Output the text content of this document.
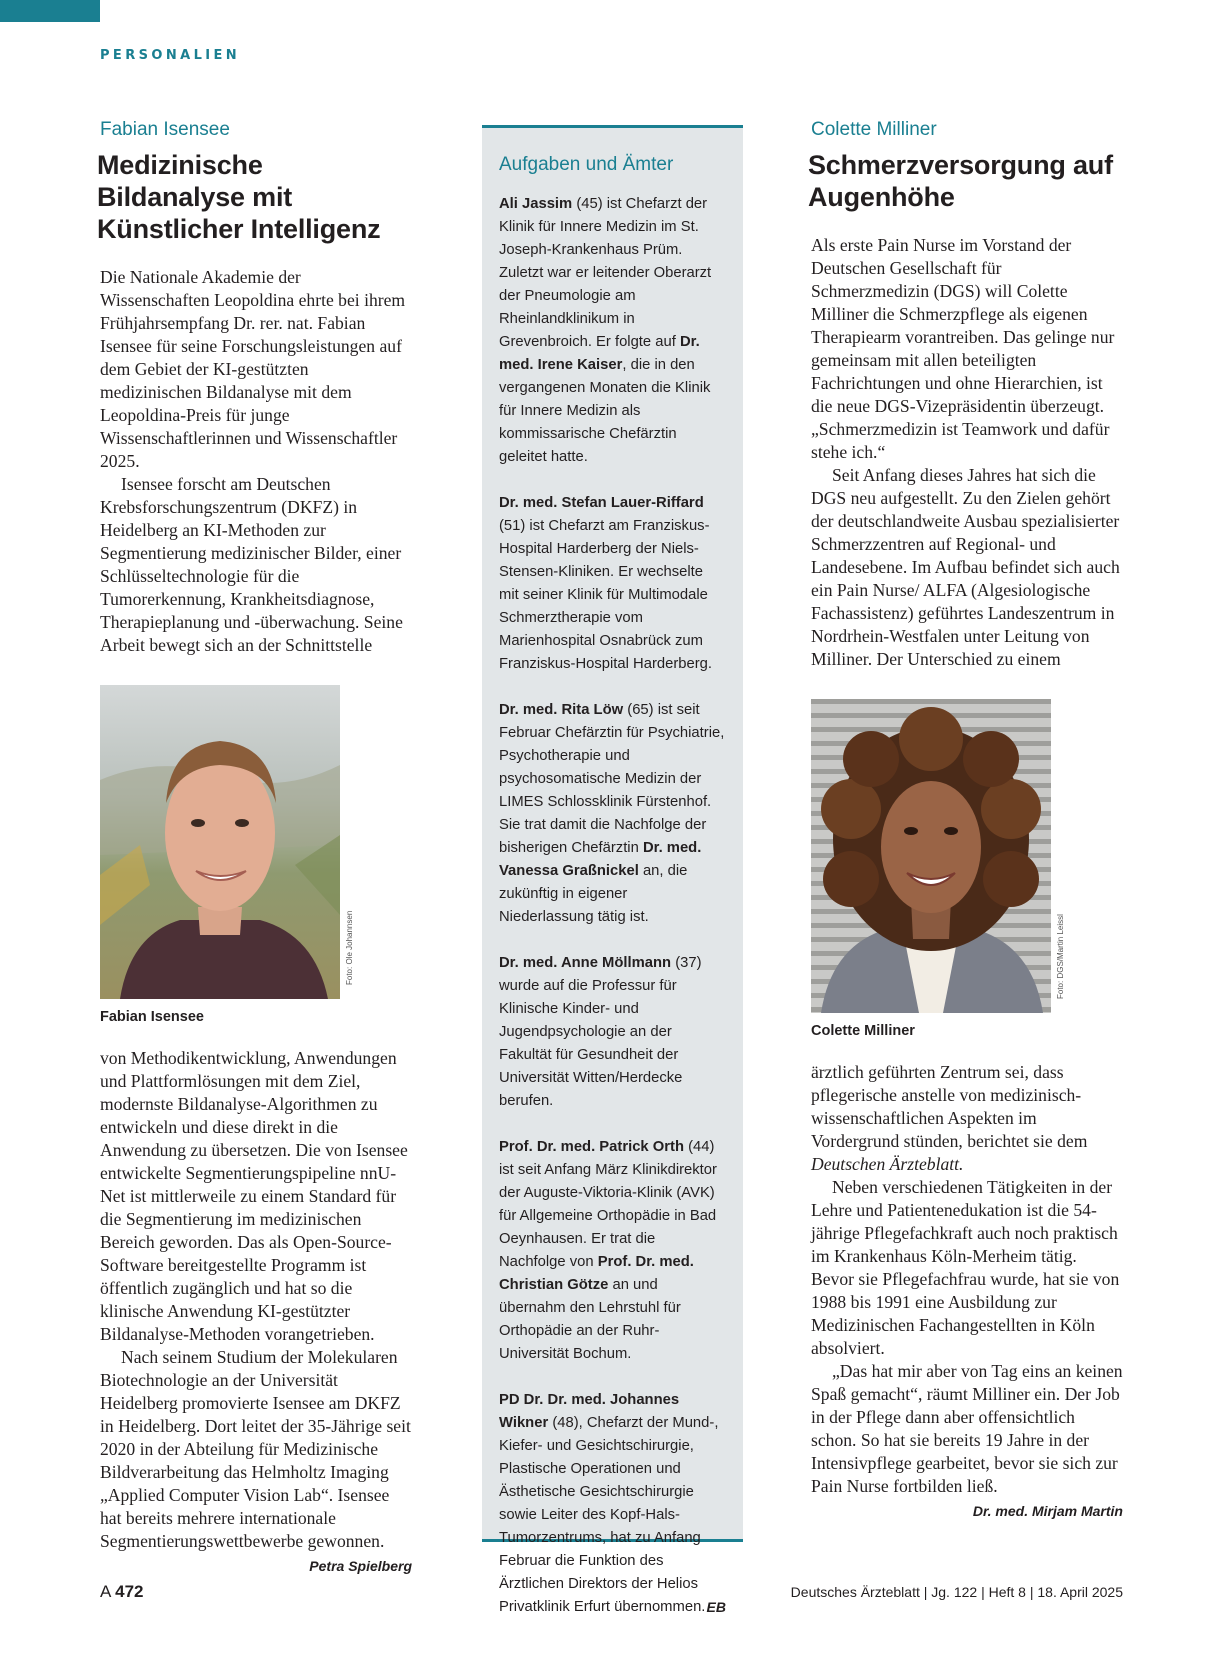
PERSONALIEN
Fabian Isensee
Medizinische Bildanalyse mit Künstlicher Intelligenz

Die Nationale Akademie der Wissenschaften Leopoldina ehrte bei ihrem Frühjahrsempfang Dr. rer. nat. Fabian Isensee für seine Forschungsleistungen auf dem Gebiet der KI-gestützten medizinischen Bildanalyse mit dem Leopoldina-Preis für junge Wissenschaftlerinnen und Wissenschaftler 2025.

Isensee forscht am Deutschen Krebsforschungszentrum (DKFZ) in Heidelberg an KI-Methoden zur Segmentierung medizinischer Bilder, einer Schlüsseltechnologie für die Tumorerkennung, Krankheitsdiagnose, Therapieplanung und -überwachung. Seine Arbeit bewegt sich an der Schnittstelle

Foto: Ole Johannsen
Fabian Isensee

von Methodikentwicklung, Anwendungen und Plattformlösungen mit dem Ziel, modernste Bildanalyse-Algorithmen zu entwickeln und diese direkt in die Anwendung zu übersetzen. Die von Isensee entwickelte Segmentierungspipeline nnU-Net ist mittlerweile zu einem Standard für die Segmentierung im medizinischen Bereich geworden. Das als Open-Source-Software bereitgestellte Programm ist öffentlich zugänglich und hat so die klinische Anwendung KI-gestützter Bildanalyse-Methoden vorangetrieben.

Nach seinem Studium der Molekularen Biotechnologie an der Universität Heidelberg promovierte Isensee am DKFZ in Heidelberg. Dort leitet der 35-Jährige seit 2020 in der Abteilung für Medizinische Bildverarbeitung das Helmholtz Imaging „Applied Computer Vision Lab“. Isensee hat bereits mehrere internationale Segmentierungswettbewerbe gewonnen.
Petra Spielberg

Aufgaben und Ämter
Ali Jassim (45) ist Chefarzt der Klinik für Innere Medizin im St. Joseph-Krankenhaus Prüm. Zuletzt war er leitender Oberarzt der Pneumologie am Rheinlandklinikum in Grevenbroich. Er folgte auf Dr. med. Irene Kaiser, die in den vergangenen Monaten die Klinik für Innere Medizin als kommissarische Chefärztin geleitet hatte.
Dr. med. Stefan Lauer-Riffard (51) ist Chefarzt am Franziskus-Hospital Harderberg der Niels-Stensen-Kliniken. Er wechselte mit seiner Klinik für Multimodale Schmerztherapie vom Marienhospital Osnabrück zum Franziskus-Hospital Harderberg.
Dr. med. Rita Löw (65) ist seit Februar Chefärztin für Psychiatrie, Psychotherapie und psychosomatische Medizin der LIMES Schlossklinik Fürstenhof. Sie trat damit die Nachfolge der bisherigen Chefärztin Dr. med. Vanessa Graßnickel an, die zukünftig in eigener Niederlassung tätig ist.
Dr. med. Anne Möllmann (37) wurde auf die Professur für Klinische Kinder- und Jugendpsychologie an der Fakultät für Gesundheit der Universität Witten/Herdecke berufen.
Prof. Dr. med. Patrick Orth (44) ist seit Anfang März Klinikdirektor der Auguste-Viktoria-Klinik (AVK) für Allgemeine Orthopädie in Bad Oeynhausen. Er trat die Nachfolge von Prof. Dr. med. Christian Götze an und übernahm den Lehrstuhl für Orthopädie an der Ruhr-Universität Bochum.
PD Dr. Dr. med. Johannes Wikner (48), Chefarzt der Mund-, Kiefer- und Gesichtschirurgie, Plastische Operationen und Ästhetische Gesichtschirurgie sowie Leiter des Kopf-Hals-Tumorzentrums, hat zu Anfang Februar die Funktion des Ärztlichen Direktors der Helios Privatklinik Erfurt übernommen. EB
Colette Milliner
Schmerzversorgung auf Augenhöhe

Als erste Pain Nurse im Vorstand der Deutschen Gesellschaft für Schmerzmedizin (DGS) will Colette Milliner die Schmerzpflege als eigenen Therapiearm vorantreiben. Das gelinge nur gemeinsam mit allen beteiligten Fachrichtungen und ohne Hierarchien, ist die neue DGS-Vizepräsidentin überzeugt. „Schmerzmedizin ist Teamwork und dafür stehe ich.“

Seit Anfang dieses Jahres hat sich die DGS neu aufgestellt. Zu den Zielen gehört der deutschlandweite Ausbau spezialisierter Schmerzzentren auf Regional- und Landesebene. Im Aufbau befindet sich auch ein Pain Nurse/ ALFA (Algesiologische Fachassistenz) geführtes Landeszentrum in Nordrhein-Westfalen unter Leitung von Milliner. Der Unterschied zu einem

Foto: DGS/Martin Leissl
Colette Milliner

ärztlich geführten Zentrum sei, dass pflegerische anstelle von medizinisch-wissenschaftlichen Aspekten im Vordergrund stünden, berichtet sie dem Deutschen Ärzteblatt.

Neben verschiedenen Tätigkeiten in der Lehre und Patientenedukation ist die 54-jährige Pflegefachkraft auch noch praktisch im Krankenhaus Köln-Merheim tätig. Bevor sie Pflegefachfrau wurde, hat sie von 1988 bis 1991 eine Ausbildung zur Medizinischen Fachangestellten in Köln absolviert.

„Das hat mir aber von Tag eins an keinen Spaß gemacht“, räumt Milliner ein. Der Job in der Pflege dann aber offensichtlich schon. So hat sie bereits 19 Jahre in der Intensivpflege gearbeitet, bevor sie sich zur Pain Nurse fortbilden ließ.
Dr. med. Mirjam Martin

A 472	Deutsches Ärzteblatt | Jg. 122 | Heft 8 | 18. April 2025
